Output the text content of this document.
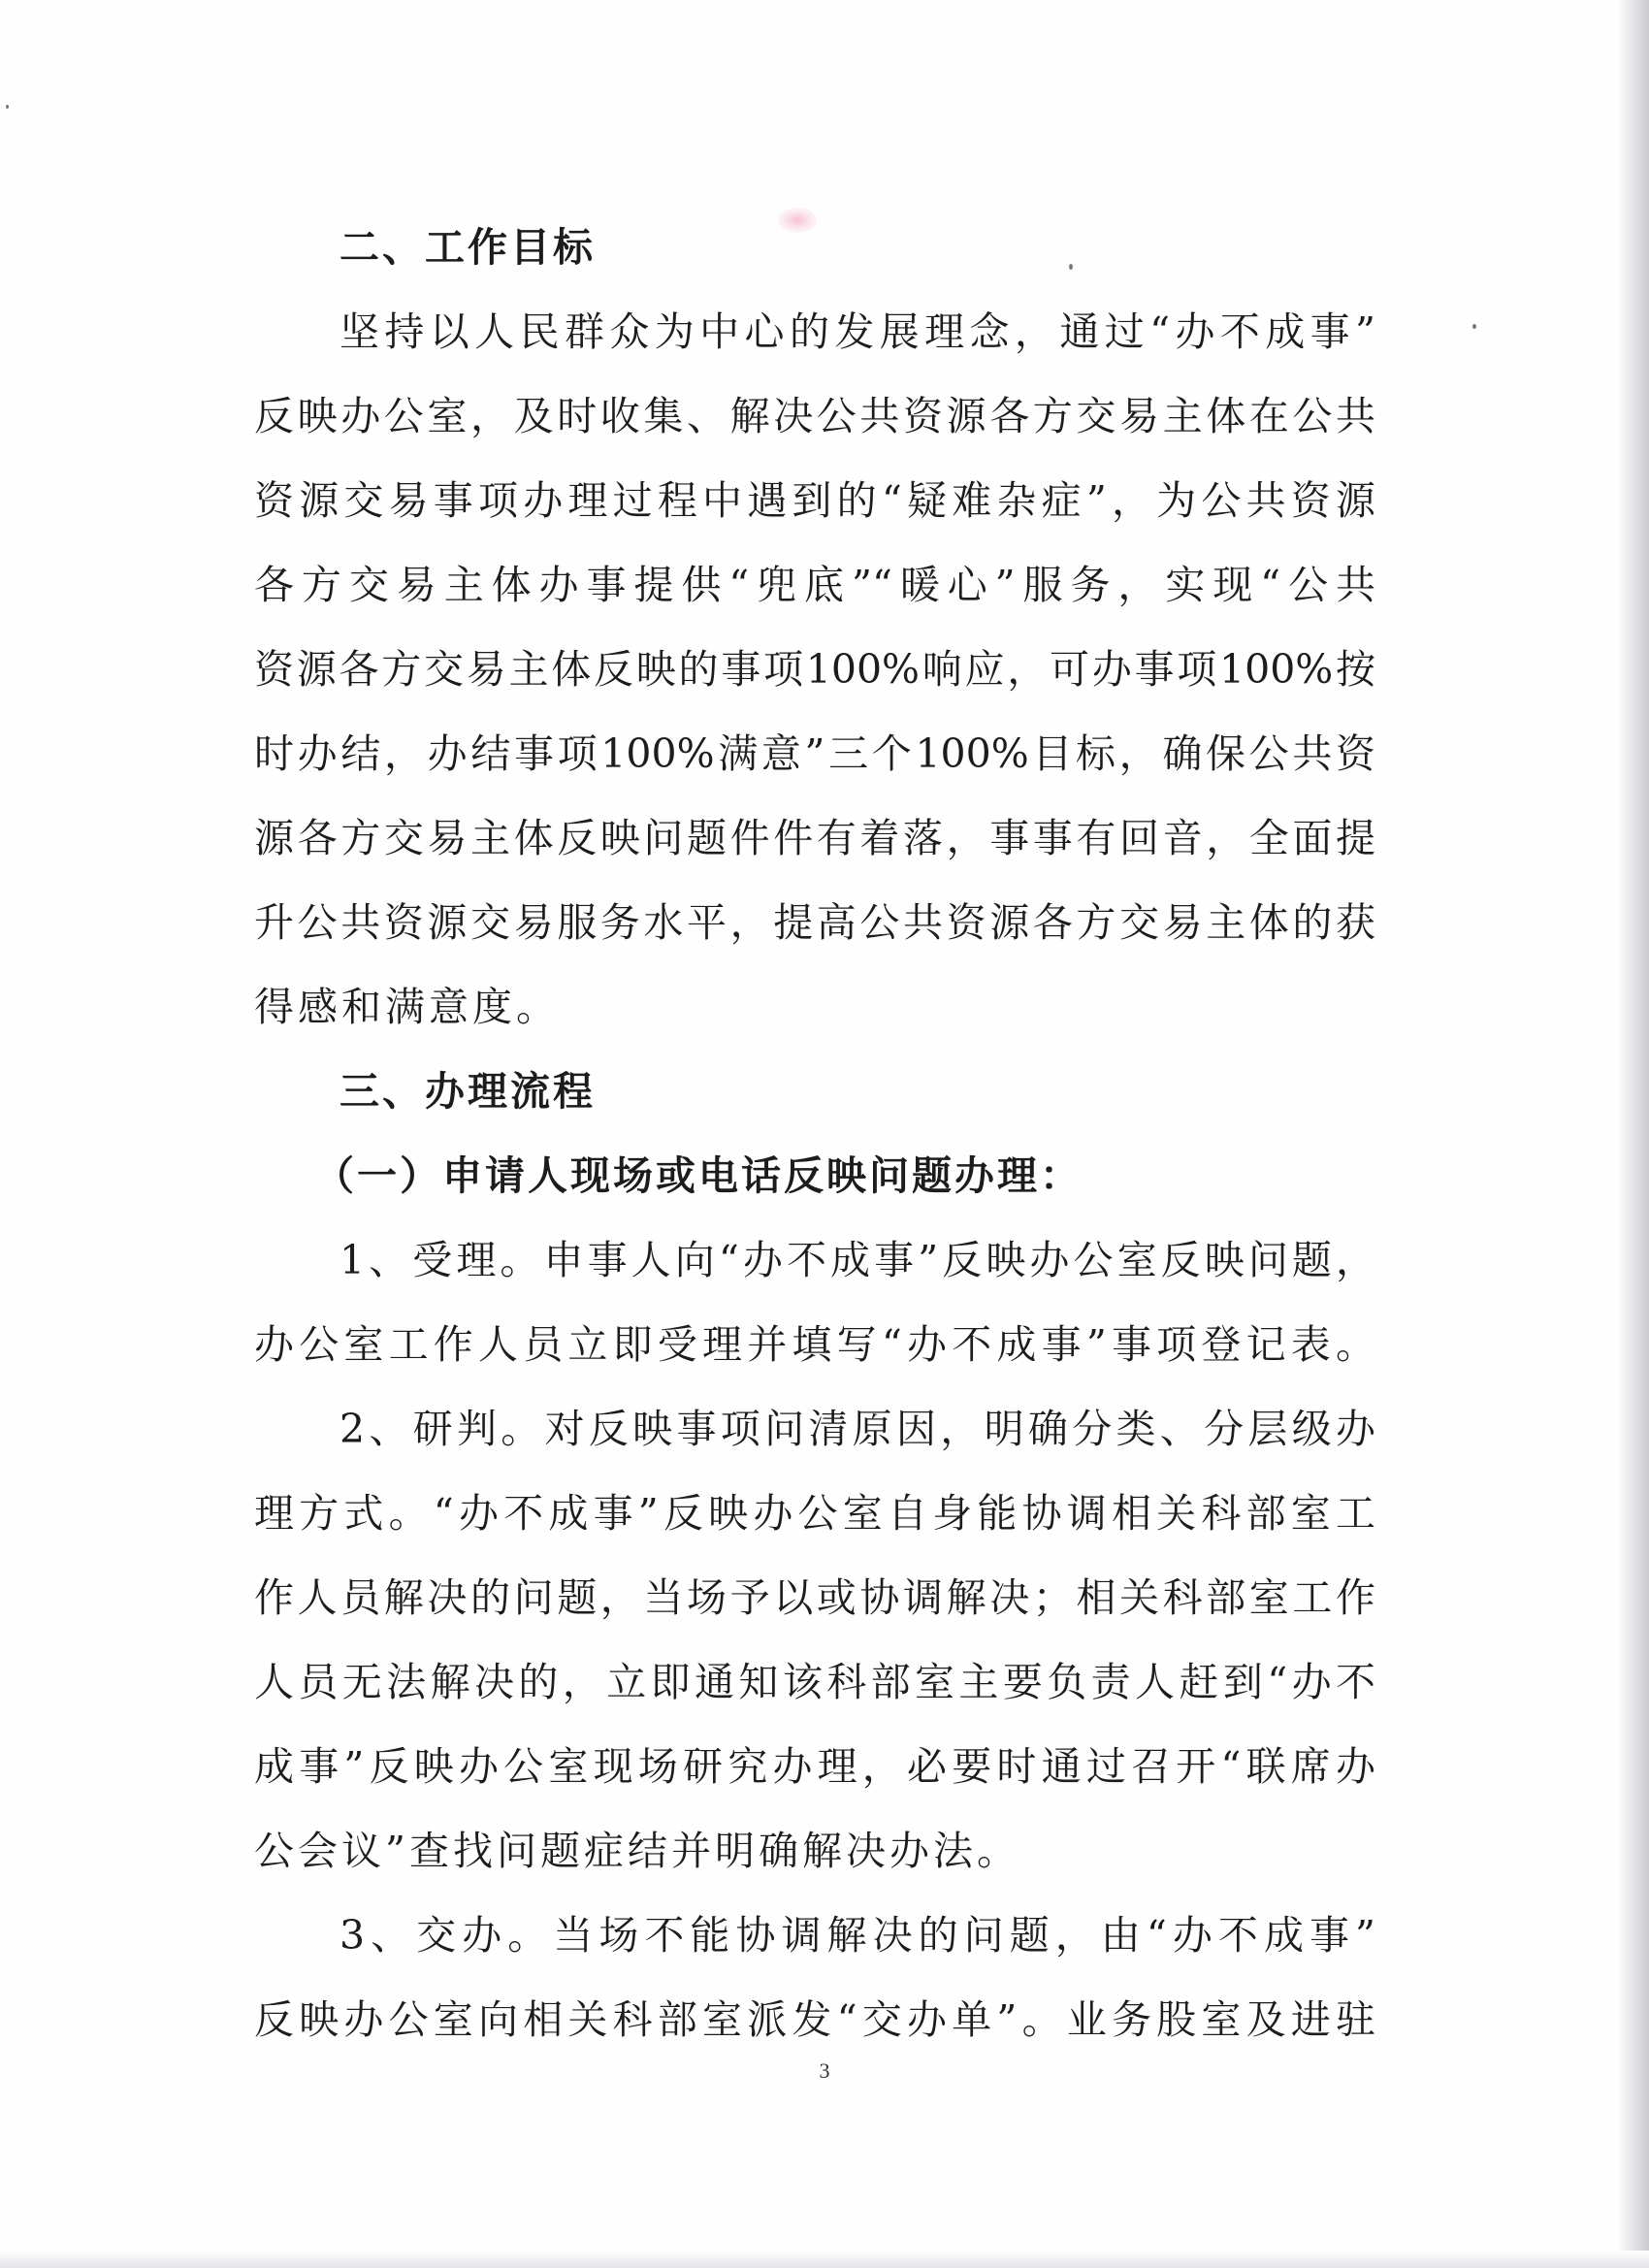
二、工作目标
坚持以人民群众为中心的发展理念，通过“办不成事”
反映办公室，及时收集、解决公共资源各方交易主体在公共
资源交易事项办理过程中遇到的“疑难杂症”，为公共资源
各方交易主体办事提供“兜底”“暖心”服务，实现“公共
资源各方交易主体反映的事项100%响应，可办事项100%按
时办结，办结事项100%满意”三个100%目标，确保公共资
源各方交易主体反映问题件件有着落，事事有回音，全面提
升公共资源交易服务水平，提高公共资源各方交易主体的获
得感和满意度。
三、办理流程
（一）申请人现场或电话反映问题办理：
1、受理。申事人向“办不成事”反映办公室反映问题，
办公室工作人员立即受理并填写“办不成事”事项登记表。
2、研判。对反映事项问清原因，明确分类、分层级办
理方式。“办不成事”反映办公室自身能协调相关科部室工
作人员解决的问题，当场予以或协调解决；相关科部室工作
人员无法解决的，立即通知该科部室主要负责人赶到“办不
成事”反映办公室现场研究办理，必要时通过召开“联席办
公会议”查找问题症结并明确解决办法。
3、交办。当场不能协调解决的问题，由“办不成事”
反映办公室向相关科部室派发“交办单”。业务股室及进驻
3
